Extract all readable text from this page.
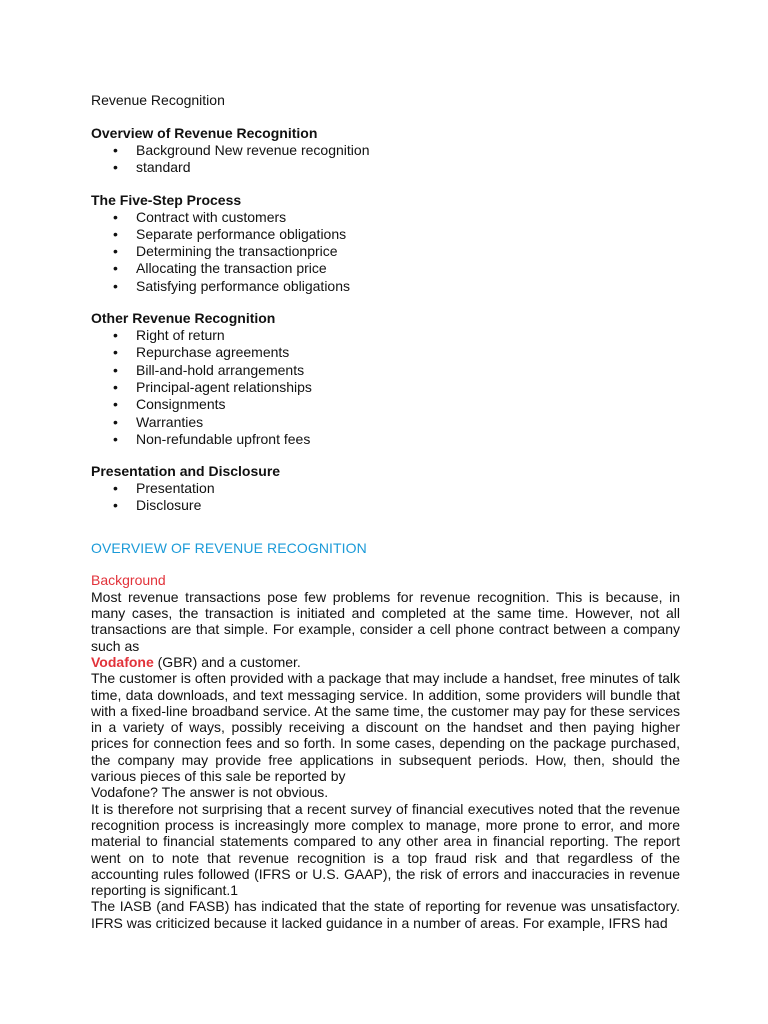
Revenue Recognition

Overview of Revenue Recognition

• Background New revenue recognition
• standard

The Five-Step Process

• Contract with customers
• Separate performance obligations
• Determining the transactionprice
• Allocating the transaction price
• Satisfying performance obligations

Other Revenue Recognition

• Right of return
• Repurchase agreements
• Bill-and-hold arrangements
• Principal-agent relationships
• Consignments
• Warranties
• Non-refundable upfront fees

Presentation and Disclosure

• Presentation
• Disclosure

OVERVIEW OF REVENUE RECOGNITION

Background

Most revenue transactions pose few problems for revenue recognition. This is because, in many cases, the transaction is initiated and completed at the same time. However, not all transactions are that simple. For example, consider a cell phone contract between a company such as
Vodafone (GBR) and a customer.

The customer is often provided with a package that may include a handset, free minutes of talk time, data downloads, and text messaging service. In addition, some providers will bundle that with a fixed-line broadband service. At the same time, the customer may pay for these services in a variety of ways, possibly receiving a discount on the handset and then paying higher prices for connection fees and so forth. In some cases, depending on the package purchased, the company may provide free applications in subsequent periods. How, then, should the various pieces of this sale be reported by

Vodafone? The answer is not obvious.

It is therefore not surprising that a recent survey of financial executives noted that the revenue recognition process is increasingly more complex to manage, more prone to error, and more material to financial statements compared to any other area in financial reporting. The report went on to note that revenue recognition is a top fraud risk and that regardless of the accounting rules followed (IFRS or U.S. GAAP), the risk of errors and inaccuracies in revenue reporting is significant.1

The IASB (and FASB) has indicated that the state of reporting for revenue was unsatisfactory. IFRS was criticized because it lacked guidance in a number of areas. For example, IFRS had
